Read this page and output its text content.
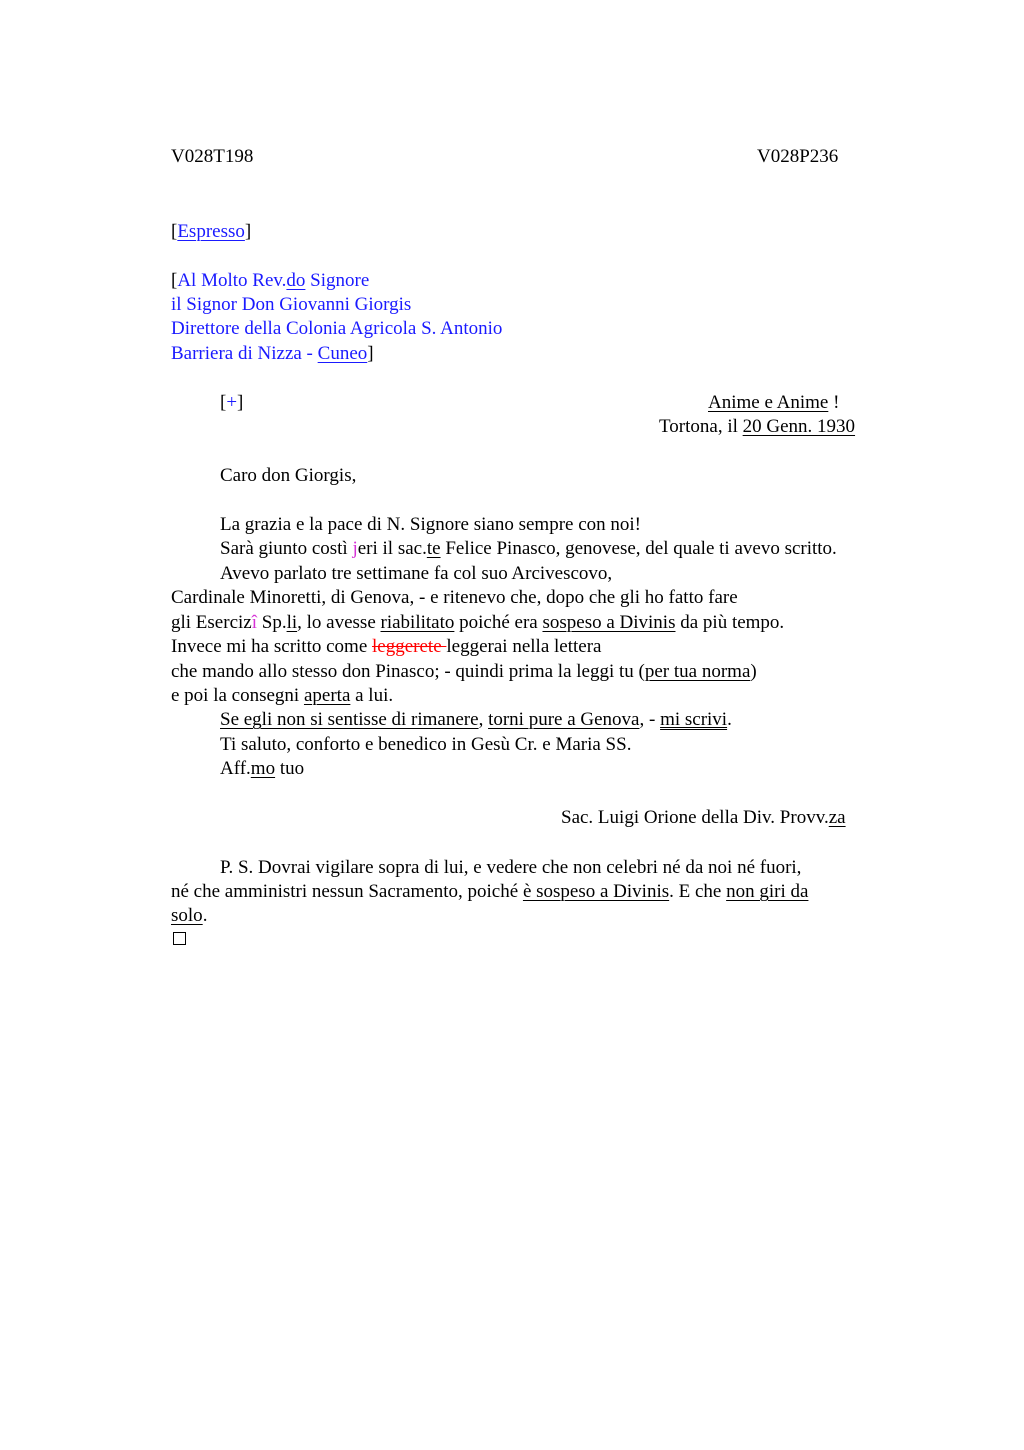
V028T198	V028P236
[Espresso]
[Al Molto Rev.do Signore
il Signor Don Giovanni Giorgis
Direttore della Colonia Agricola S. Antonio
Barriera di Nizza - Cuneo]
[+]	Anime e Anime !
Tortona, il 20 Genn. 1930
Caro don Giorgis,
La grazia e la pace di N. Signore siano sempre con noi!
Sarà giunto costì jeri il sac.te Felice Pinasco, genovese, del quale ti avevo scritto.
Avevo parlato tre settimane fa col suo Arcivescovo,
Cardinale Minoretti, di Genova, - e ritenevo che, dopo che gli ho fatto fare
gli Esercizî Sp.li, lo avesse riabilitato poiché era sospeso a Divinis da più tempo.
Invece mi ha scritto come leggerete leggerai nella lettera
che mando allo stesso don Pinasco; - quindi prima la leggi tu (per tua norma)
e poi la consegni aperta a lui.
Se egli non si sentisse di rimanere, torni pure a Genova, - mi scrivi.
Ti saluto, conforto e benedico in Gesù Cr. e Maria SS.
Aff.mo tuo
Sac. Luigi Orione della Div. Provv.za
P. S. Dovrai vigilare sopra di lui, e vedere che non celebri né da noi né fuori,
né che amministri nessun Sacramento, poiché è sospeso a Divinis. E che non giri da
solo.
